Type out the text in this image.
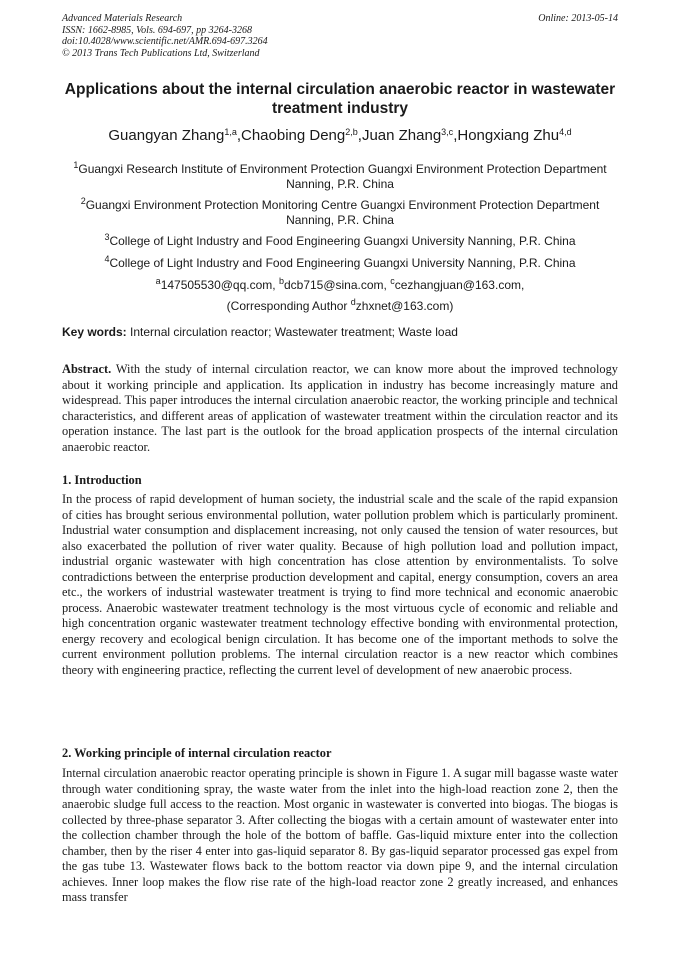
Advanced Materials Research	Online: 2013-05-14
ISSN: 1662-8985, Vols. 694-697, pp 3264-3268
doi:10.4028/www.scientific.net/AMR.694-697.3264
© 2013 Trans Tech Publications Ltd, Switzerland
Applications about the internal circulation anaerobic reactor in wastewater treatment industry
Guangyan Zhang$^{1,a}$,Chaobing Deng$^{2,b}$,Juan Zhang$^{3,c}$,Hongxiang Zhu$^{4,d}$
$^1$Guangxi Research Institute of Environment Protection Guangxi Environment Protection Department Nanning, P.R. China
$^2$Guangxi Environment Protection Monitoring Centre Guangxi Environment Protection Department Nanning, P.R. China
$^3$College of Light Industry and Food Engineering Guangxi University Nanning, P.R. China
$^4$College of Light Industry and Food Engineering Guangxi University Nanning, P.R. China
$^a$147505530@qq.com, $^b$dcb715@sina.com, $^c$cezhangjuan@163.com,
(Corresponding Author $^d$zhxnet@163.com)
Key words: Internal circulation reactor; Wastewater treatment; Waste load
Abstract. With the study of internal circulation reactor, we can know more about the improved technology about it working principle and application. Its application in industry has become increasingly mature and widespread. This paper introduces the internal circulation anaerobic reactor, the working principle and technical characteristics, and different areas of application of wastewater treatment within the circulation reactor and its operation instance. The last part is the outlook for the broad application prospects of the internal circulation anaerobic reactor.
1. Introduction
In the process of rapid development of human society, the industrial scale and the scale of the rapid expansion of cities has brought serious environmental pollution, water pollution problem which is particularly prominent. Industrial water consumption and displacement increasing, not only caused the tension of water resources, but also exacerbated the pollution of river water quality. Because of high pollution load and pollution impact, industrial organic wastewater with high concentration has close attention by environmentalists. To solve contradictions between the enterprise production development and capital, energy consumption, covers an area etc., the workers of industrial wastewater treatment is trying to find more technical and economic anaerobic process. Anaerobic wastewater treatment technology is the most virtuous cycle of economic and reliable and high concentration organic wastewater treatment technology effective bonding with environmental protection, energy recovery and ecological benign circulation. It has become one of the important methods to solve the current environment pollution problems. The internal circulation reactor is a new reactor which combines theory with engineering practice, reflecting the current level of development of new anaerobic process.
2. Working principle of internal circulation reactor
Internal circulation anaerobic reactor operating principle is shown in Figure 1. A sugar mill bagasse waste water through water conditioning spray, the waste water from the inlet into the high-load reaction zone 2, then the anaerobic sludge full access to the reaction. Most organic in wastewater is converted into biogas. The biogas is collected by three-phase separator 3. After collecting the biogas with a certain amount of wastewater enter into the collection chamber through the hole of the bottom of baffle. Gas-liquid mixture enter into the collection chamber, then by the riser 4 enter into gas-liquid separator 8. By gas-liquid separator processed gas expel from the gas tube 13. Wastewater flows back to the bottom reactor via down pipe 9, and the internal circulation achieves. Inner loop makes the flow rise rate of the high-load reactor zone 2 greatly increased, and enhances mass transfer
